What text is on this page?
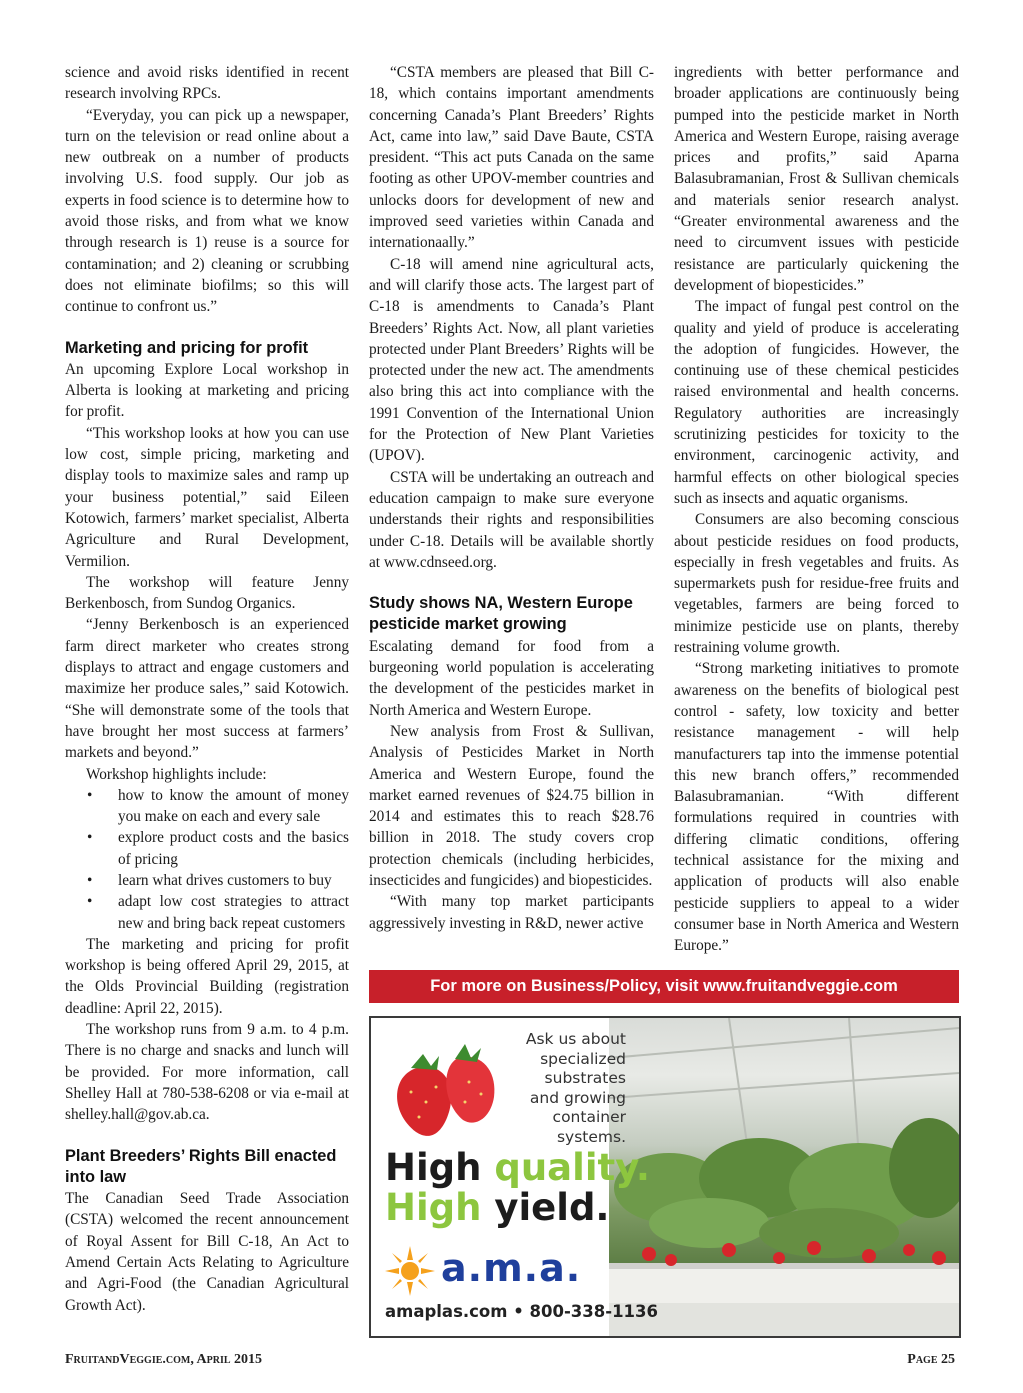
science and avoid risks identified in recent research involving RPCs.

“Everyday, you can pick up a newspaper, turn on the television or read online about a new outbreak on a number of products involving U.S. food supply. Our job as experts in food science is to determine how to avoid those risks, and from what we know through research is 1) reuse is a source for contamination; and 2) cleaning or scrubbing does not eliminate biofilms; so this will continue to confront us.”

Marketing and pricing for profit

An upcoming Explore Local workshop in Alberta is looking at marketing and pricing for profit.

“This workshop looks at how you can use low cost, simple pricing, marketing and display tools to maximize sales and ramp up your business potential,” said Eileen Kotowich, farmers’ market specialist, Alberta Agriculture and Rural Development, Vermilion.

The workshop will feature Jenny Berkenbosch, from Sundog Organics.

“Jenny Berkenbosch is an experienced farm direct marketer who creates strong displays to attract and engage customers and maximize her produce sales,” said Kotowich. “She will demonstrate some of the tools that have brought her most success at farmers’ markets and beyond.”

Workshop highlights include:

• how to know the amount of money you make on each and every sale
• explore product costs and the basics of pricing
• learn what drives customers to buy
• adapt low cost strategies to attract new and bring back repeat customers

The marketing and pricing for profit workshop is being offered April 29, 2015, at the Olds Provincial Building (registration deadline: April 22, 2015).

The workshop runs from 9 a.m. to 4 p.m. There is no charge and snacks and lunch will be provided. For more information, call Shelley Hall at 780-538-6208 or via e-mail at shelley.hall@gov.ab.ca.

Plant Breeders’ Rights Bill enacted into law

The Canadian Seed Trade Association (CSTA) welcomed the recent announcement of Royal Assent for Bill C-18, An Act to Amend Certain Acts Relating to Agriculture and Agri-Food (the Canadian Agricultural Growth Act).

“CSTA members are pleased that Bill C-18, which contains important amendments concerning Canada’s Plant Breeders’ Rights Act, came into law,” said Dave Baute, CSTA president. “This act puts Canada on the same footing as other UPOV-member countries and unlocks doors for development of new and improved seed varieties within Canada and internationaally.”

C-18 will amend nine agricultural acts, and will clarify those acts. The largest part of C-18 is amendments to Canada’s Plant Breeders’ Rights Act. Now, all plant varieties protected under Plant Breeders’ Rights will be protected under the new act. The amendments also bring this act into compliance with the 1991 Convention of the International Union for the Protection of New Plant Varieties (UPOV).

CSTA will be undertaking an outreach and education campaign to make sure everyone understands their rights and responsibilities under C-18. Details will be available shortly at www.cdnseed.org.

Study shows NA, Western Europe pesticide market growing

Escalating demand for food from a burgeoning world population is accelerating the development of the pesticides market in North America and Western Europe.

New analysis from Frost & Sullivan, Analysis of Pesticides Market in North America and Western Europe, found the market earned revenues of $24.75 billion in 2014 and estimates this to reach $28.76 billion in 2018. The study covers crop protection chemicals (including herbicides, insecticides and fungicides) and biopesticides.

“With many top market participants aggressively investing in R&D, newer active

ingredients with better performance and broader applications are continuously being pumped into the pesticide market in North America and Western Europe, raising average prices and profits,” said Aparna Balasubramanian, Frost & Sullivan chemicals and materials senior research analyst. “Greater environmental awareness and the need to circumvent issues with pesticide resistance are particularly quickening the development of biopesticides.”

The impact of fungal pest control on the quality and yield of produce is accelerating the adoption of fungicides. However, the continuing use of these chemical pesticides raised environmental and health concerns. Regulatory authorities are increasingly scrutinizing pesticides for toxicity to the environment, carcinogenic activity, and harmful effects on other biological species such as insects and aquatic organisms.

Consumers are also becoming conscious about pesticide residues on food products, especially in fresh vegetables and fruits. As supermarkets push for residue-free fruits and vegetables, farmers are being forced to minimize pesticide use on plants, thereby restraining volume growth.

“Strong marketing initiatives to promote awareness on the benefits of biological pest control - safety, low toxicity and better resistance management - will help manufacturers tap into the immense potential this new branch offers,” recommended Balasubramanian. “With different formulations required in countries with differing climatic conditions, offering technical assistance for the mixing and application of products will also enable pesticide suppliers to appeal to a wider consumer base in North America and Western Europe.”

For more on Business/Policy, visit www.fruitandveggie.com
Ask us about
specialized
substrates
and growing
container systems.
High quality.
High yield.
a.m.a.
amaplas.com • 800-338-1136
FruitandVeggie.com, April 2015	Page 25
